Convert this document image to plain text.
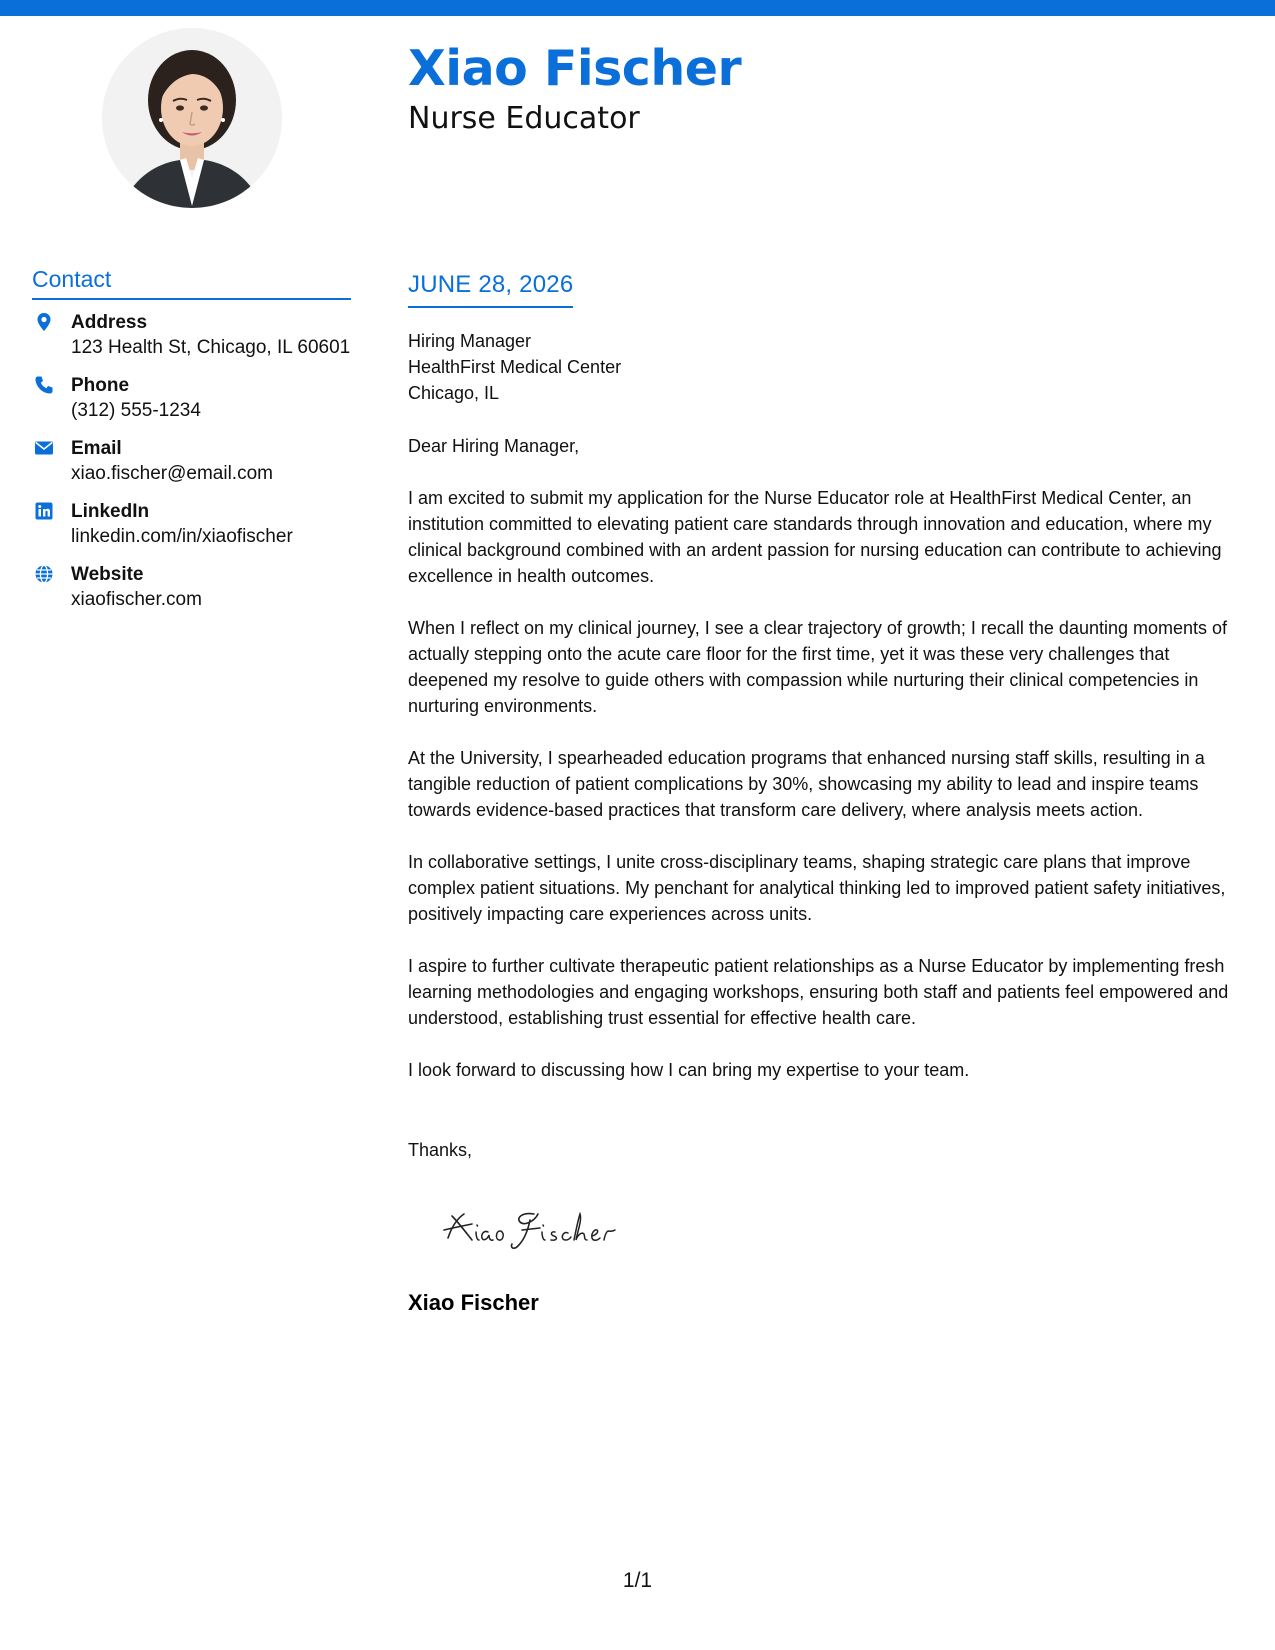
Xiao Fischer
Nurse Educator
Contact
Address
123 Health St, Chicago, IL 60601
Phone
(312) 555-1234
Email
xiao.fischer@email.com
LinkedIn
linkedin.com/in/xiaofischer
Website
xiaofischer.com
JUNE 28, 2026
Hiring Manager
HealthFirst Medical Center
Chicago, IL
Dear Hiring Manager,

I am excited to submit my application for the Nurse Educator role at HealthFirst Medical Center, an institution committed to elevating patient care standards through innovation and education, where my clinical background combined with an ardent passion for nursing education can contribute to achieving excellence in health outcomes.

When I reflect on my clinical journey, I see a clear trajectory of growth; I recall the daunting moments of actually stepping onto the acute care floor for the first time, yet it was these very challenges that deepened my resolve to guide others with compassion while nurturing their clinical competencies in nurturing environments.

At the University, I spearheaded education programs that enhanced nursing staff skills, resulting in a tangible reduction of patient complications by 30%, showcasing my ability to lead and inspire teams towards evidence-based practices that transform care delivery, where analysis meets action.

In collaborative settings, I unite cross-disciplinary teams, shaping strategic care plans that improve complex patient situations. My penchant for analytical thinking led to improved patient safety initiatives, positively impacting care experiences across units.

I aspire to further cultivate therapeutic patient relationships as a Nurse Educator by implementing fresh learning methodologies and engaging workshops, ensuring both staff and patients feel empowered and understood, establishing trust essential for effective health care.

I look forward to discussing how I can bring my expertise to your team.

Thanks,
Xiao Fischer
1/1
